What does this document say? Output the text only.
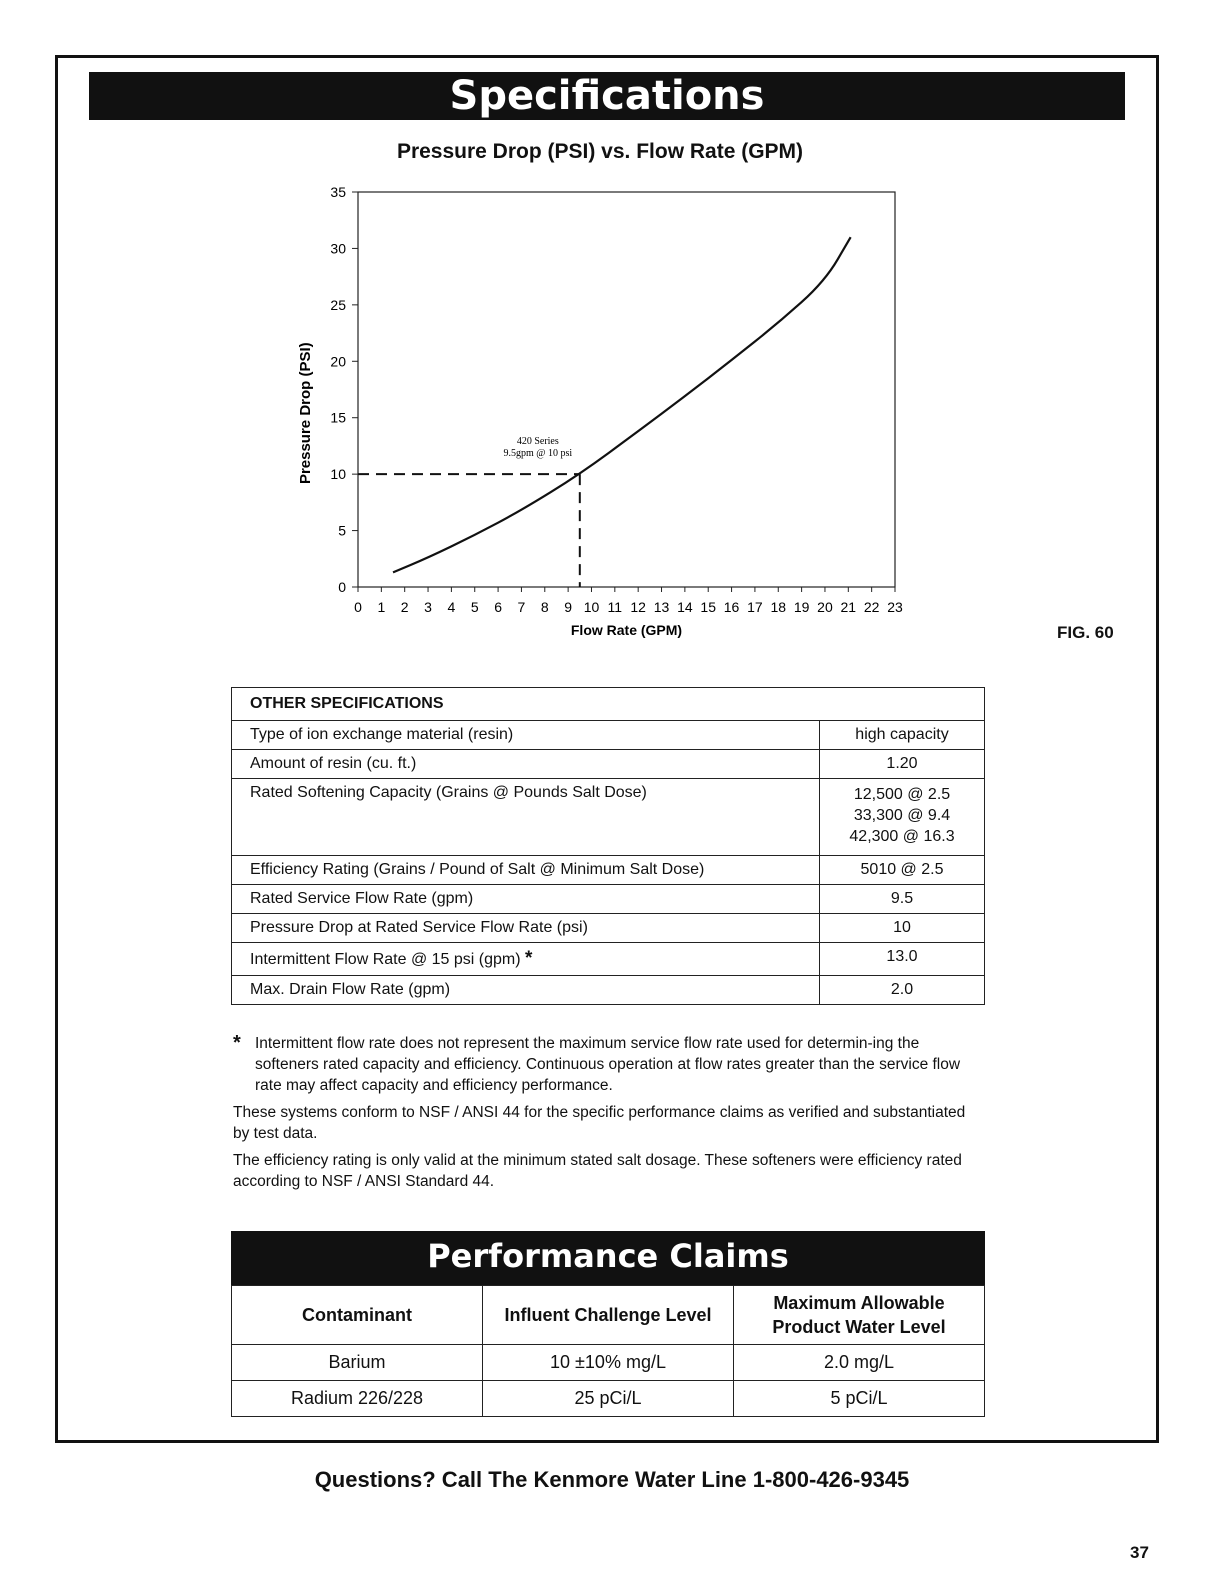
Specifications
Pressure Drop (PSI) vs. Flow Rate (GPM)
0
5
10
15
20
25
30
35
0 1 2 3 4 5 6 7 8 9 10 11 12 13 14 15 16 17 18 19 20 21 22 23
Flow Rate (GPM)
Pressure Drop (PSI)	420 Series
9.5gpm @ 10 psi
FIG. 60
OTHER SPECIFICATIONS	
Type of ion exchange material (resin)	high capacity
Amount of resin (cu. ft.)	1.20
Rated Softening Capacity (Grains @ Pounds Salt Dose)	12,500 @ 2.5
33,300 @ 9.4
42,300 @ 16.3

Efficiency Rating (Grains / Pound of Salt @ Minimum Salt Dose)	5010 @ 2.5
Rated Service Flow Rate (gpm)	9.5
Pressure Drop at Rated Service Flow Rate (psi)	10
Intermittent Flow Rate @ 15 psi (gpm) *	13.0
Max. Drain Flow Rate (gpm)	2.0
* Intermittent flow rate does not represent the maximum service flow rate used for determin-ing the softeners rated capacity and efficiency. Continuous operation at flow rates greater than the service flow rate may affect capacity and efficiency performance.

These systems conform to NSF / ANSI 44 for the specific performance claims as verified and substantiated by test data.

The efficiency rating is only valid at the minimum stated salt dosage. These softeners were efficiency rated according to NSF / ANSI Standard 44.

Performance Claims
Contaminant	Influent Challenge Level	Maximum Allowable Product Water Level
Barium	10 ±10% mg/L	2.0 mg/L
Radium 226/228	25 pCi/L	5 pCi/L
Questions? Call The Kenmore Water Line 1-800-426-9345
37
